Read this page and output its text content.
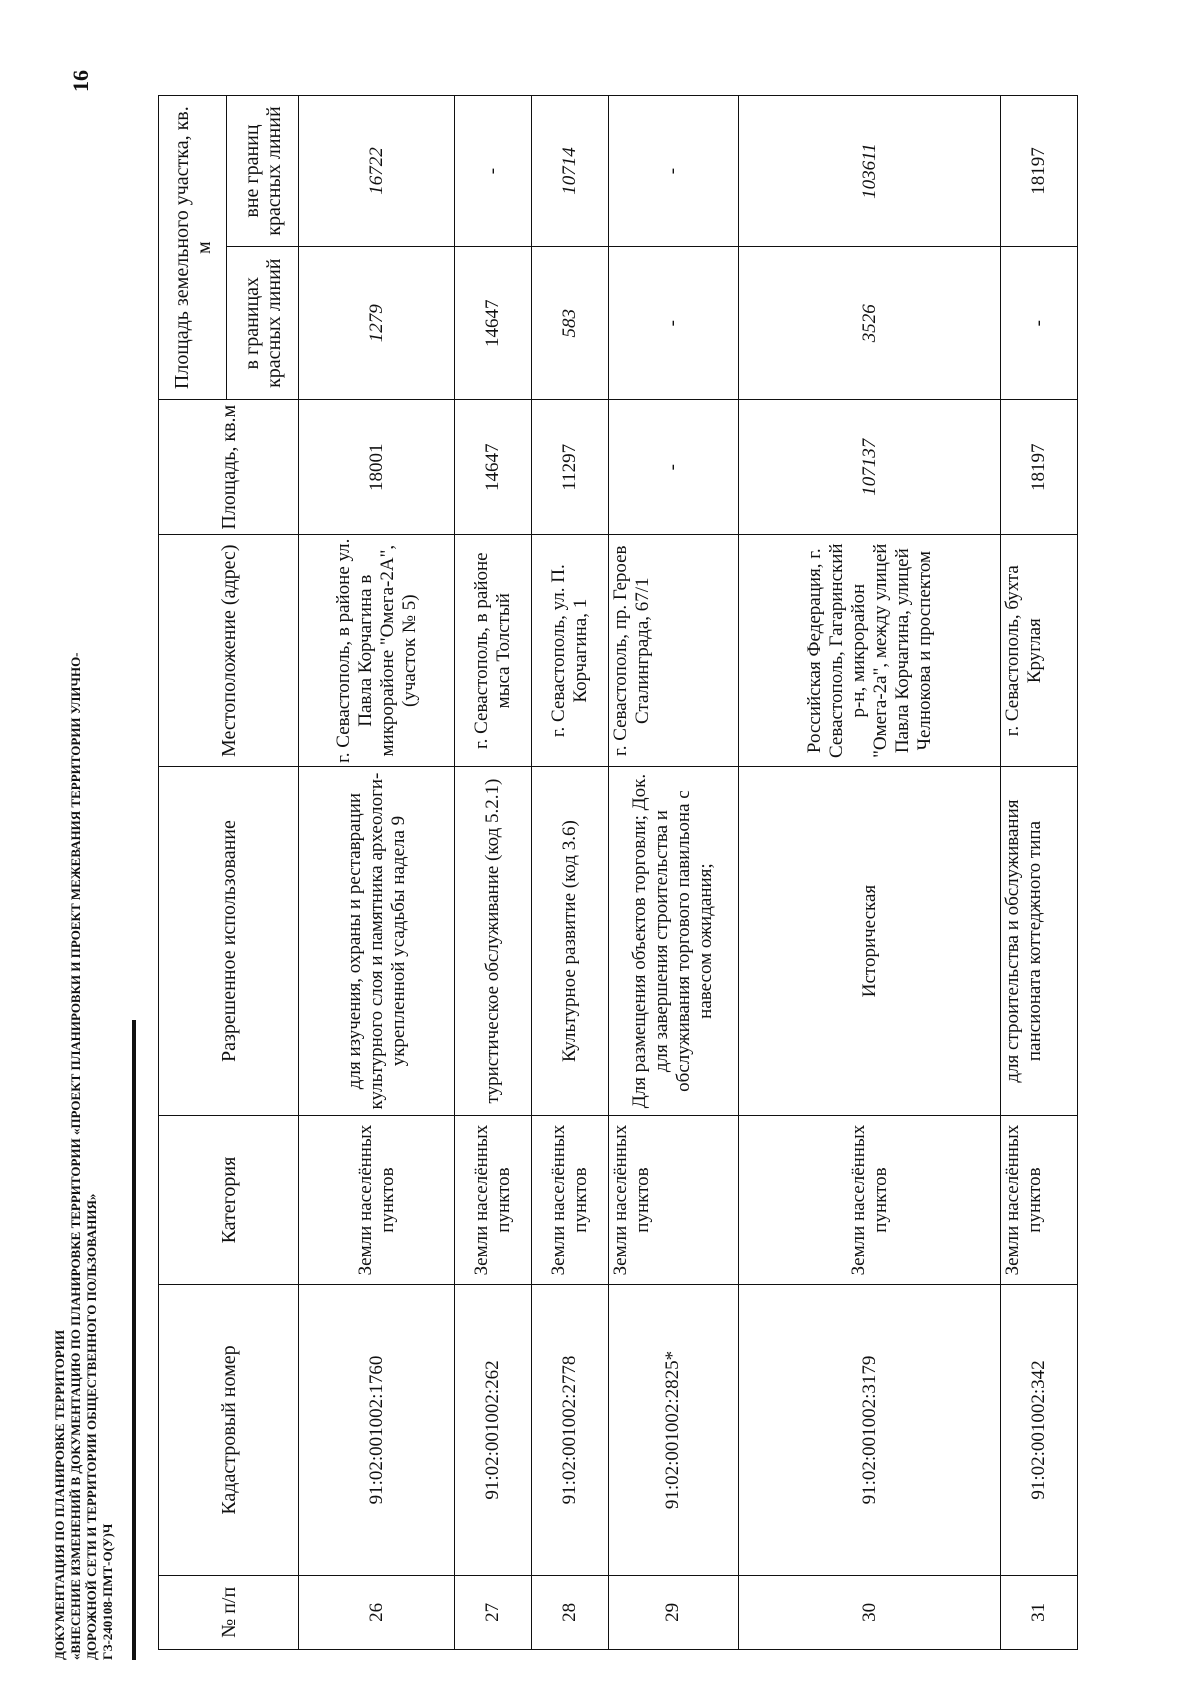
16
ДОКУМЕНТАЦИЯ ПО ПЛАНИРОВКЕ ТЕРРИТОРИИ «ВНЕСЕНИЕ ИЗМЕНЕНИЙ В ДОКУМЕНТАЦИЮ ПО ПЛАНИРОВКЕ ТЕРРИТОРИИ «ПРОЕКТ ПЛАНИРОВКИ И ПРОЕКТ МЕЖЕВАНИЯ ТЕРРИТОРИИ УЛИЧНО- ДОРОЖНОЙ СЕТИ И ТЕРРИТОРИИ ОБЩЕСТВЕННОГО ПОЛЬЗОВАНИЯ» ГЗ-240108-ПМТ-О(У)Ч	№ п/п	Кадастровый номер	Категория	Разрешенное использование	Местоположение (адрес)	Площадь, кв.м	Площадь земельного участка, кв. м	
						в границах красных линий	вне границ красных линий
26	91:02:001002:1760	Земли населённых пунктов	для изучения, охраны и реставрации культурного слоя и памятника археологи-укрепленной усадьбы надела 9	г. Севастополь, в районе ул. Павла Корчагина в микрорайоне "Омега-2А", (участок № 5)	18001	1279	16722
27	91:02:001002:262	Земли населённых пунктов	туристическое обслуживание (код 5.2.1)	г. Севастополь, в районе мыса Толстый	14647	14647	-
28	91:02:001002:2778	Земли населённых пунктов	Культурное развитие (код 3.6)	г. Севастополь, ул. П. Корчагина, 1	11297	583	10714
29	91:02:001002:2825*	Земли населённых пунктов	Для размещения объектов торговли; Док. для завершения строительства и обслуживания торгового павильона с навесом ожидания;	г. Севастополь, пр. Героев Сталинграда, 67/1	-	-	-
30	91:02:001002:3179	Земли населённых пунктов	Историческая	Российская Федерация, г. Севастополь, Гагаринский р-н, микрорайон "Омега-2а", между улицей Павла Корчагина, улицей Челнокова и проспектом	107137	3526	103611
31	91:02:001002:342	Земли населённых пунктов	для строительства и обслуживания пансионата коттеджного типа	г. Севастополь, бухта Круглая	18197	-	18197
